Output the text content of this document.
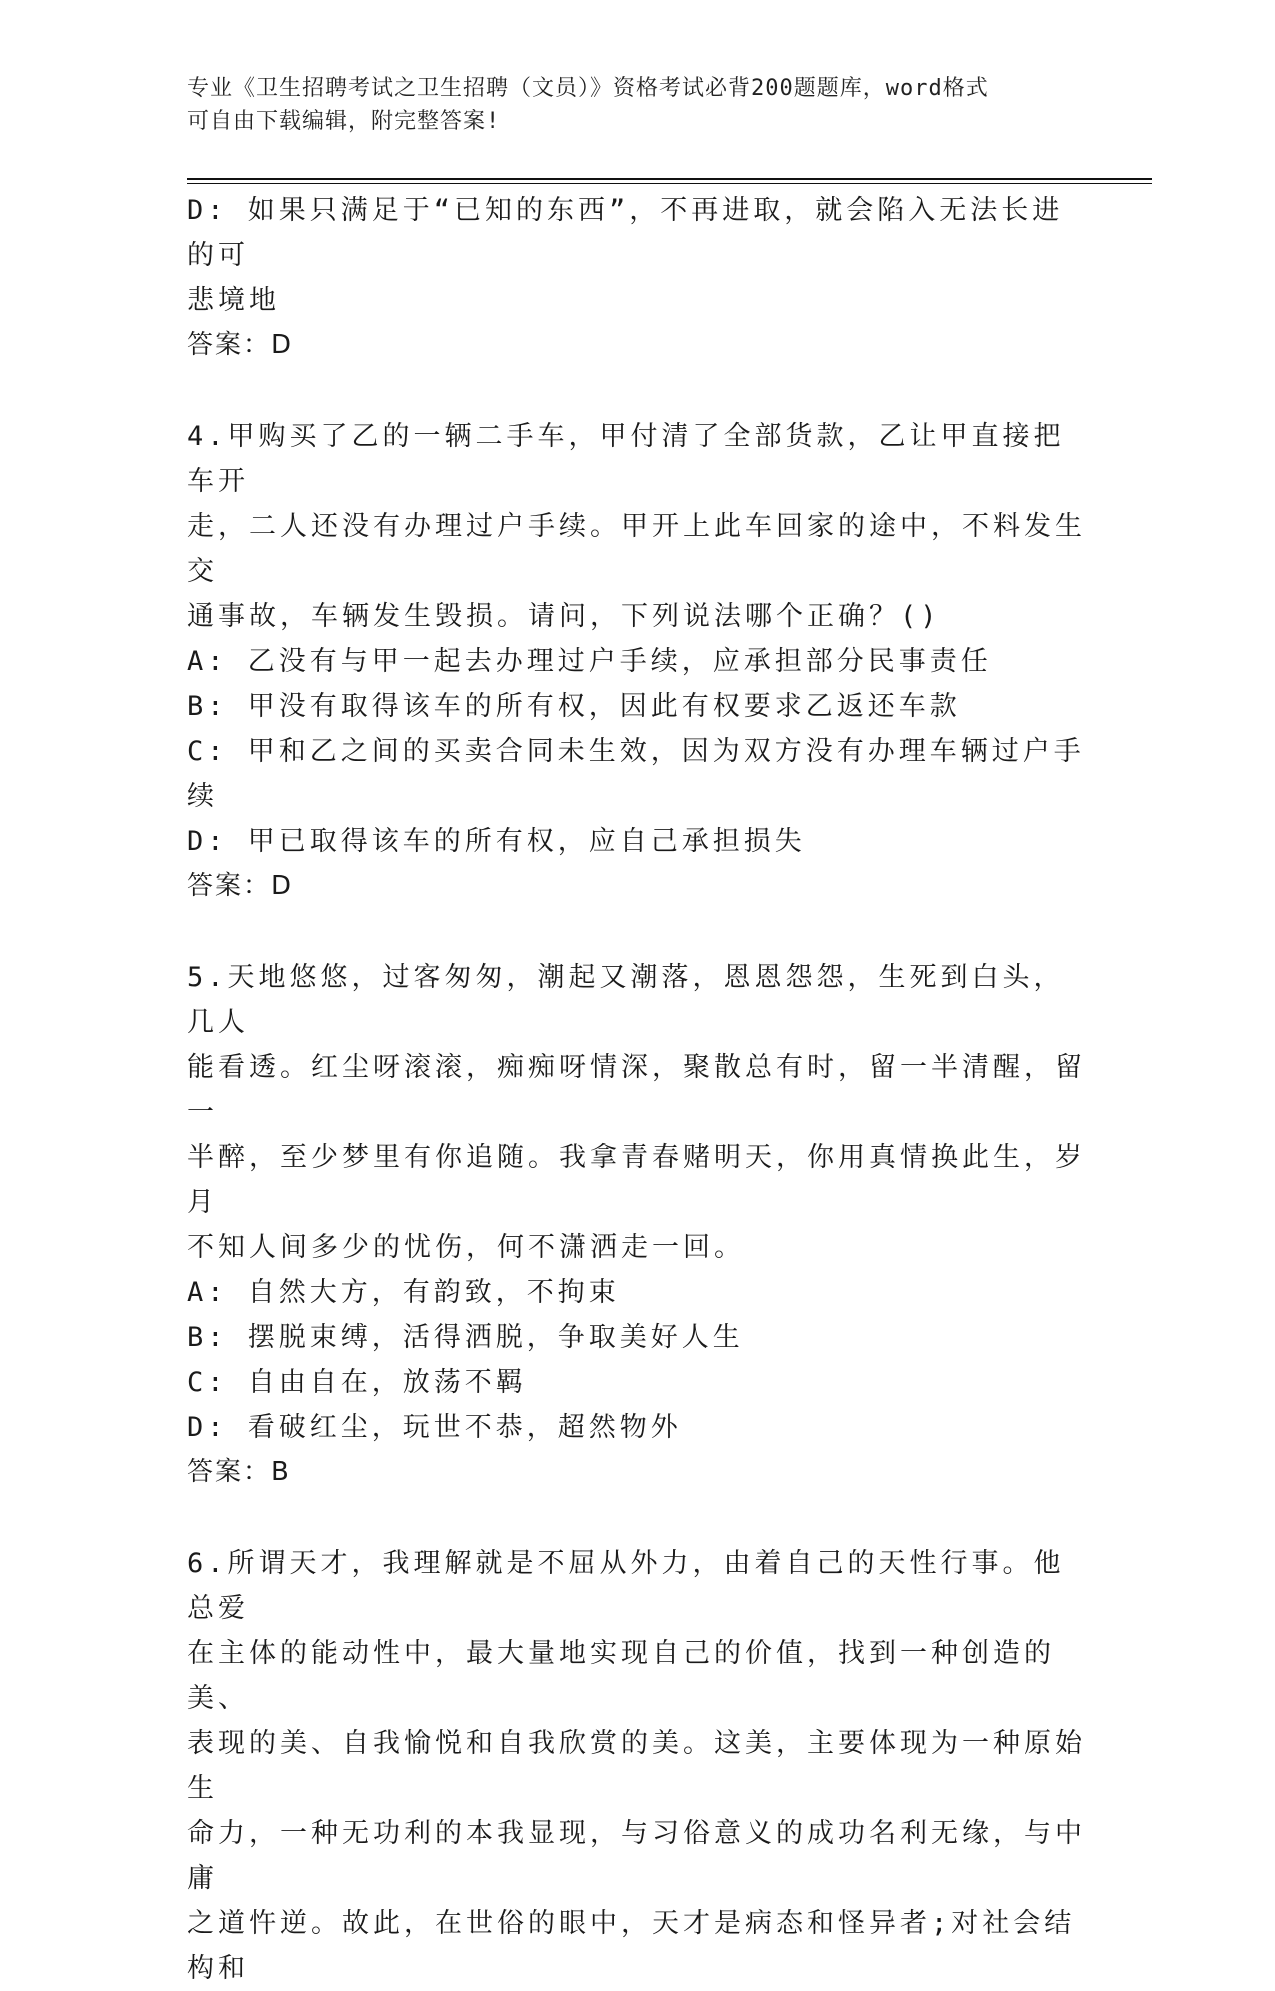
专业《卫生招聘考试之卫生招聘（文员）》资格考试必背200题题库，word格式
可自由下载编辑，附完整答案!

D: 如果只满足于“已知的东西”，不再进取，就会陷入无法长进的可

悲境地

答案：D

4.甲购买了乙的一辆二手车，甲付清了全部货款，乙让甲直接把车开

走，二人还没有办理过户手续。甲开上此车回家的途中，不料发生交

通事故，车辆发生毁损。请问，下列说法哪个正确？()

A: 乙没有与甲一起去办理过户手续，应承担部分民事责任

B: 甲没有取得该车的所有权，因此有权要求乙返还车款

C: 甲和乙之间的买卖合同未生效，因为双方没有办理车辆过户手续

D: 甲已取得该车的所有权，应自己承担损失

答案：D

5.天地悠悠，过客匆匆，潮起又潮落，恩恩怨怨，生死到白头，几人

能看透。红尘呀滚滚，痴痴呀情深，聚散总有时，留一半清醒，留一

半醉，至少梦里有你追随。我拿青春赌明天，你用真情换此生，岁月

不知人间多少的忧伤，何不潇洒走一回。

A: 自然大方，有韵致，不拘束

B: 摆脱束缚，活得洒脱，争取美好人生

C: 自由自在，放荡不羁

D: 看破红尘，玩世不恭，超然物外

答案：B

6.所谓天才，我理解就是不屈从外力，由着自己的天性行事。他总爱

在主体的能动性中，最大量地实现自己的价值，找到一种创造的美、

表现的美、自我愉悦和自我欣赏的美。这美，主要体现为一种原始生

命力，一种无功利的本我显现，与习俗意义的成功名利无缘，与中庸

之道忤逆。故此，在世俗的眼中，天才是病态和怪异者;对社会结构和
